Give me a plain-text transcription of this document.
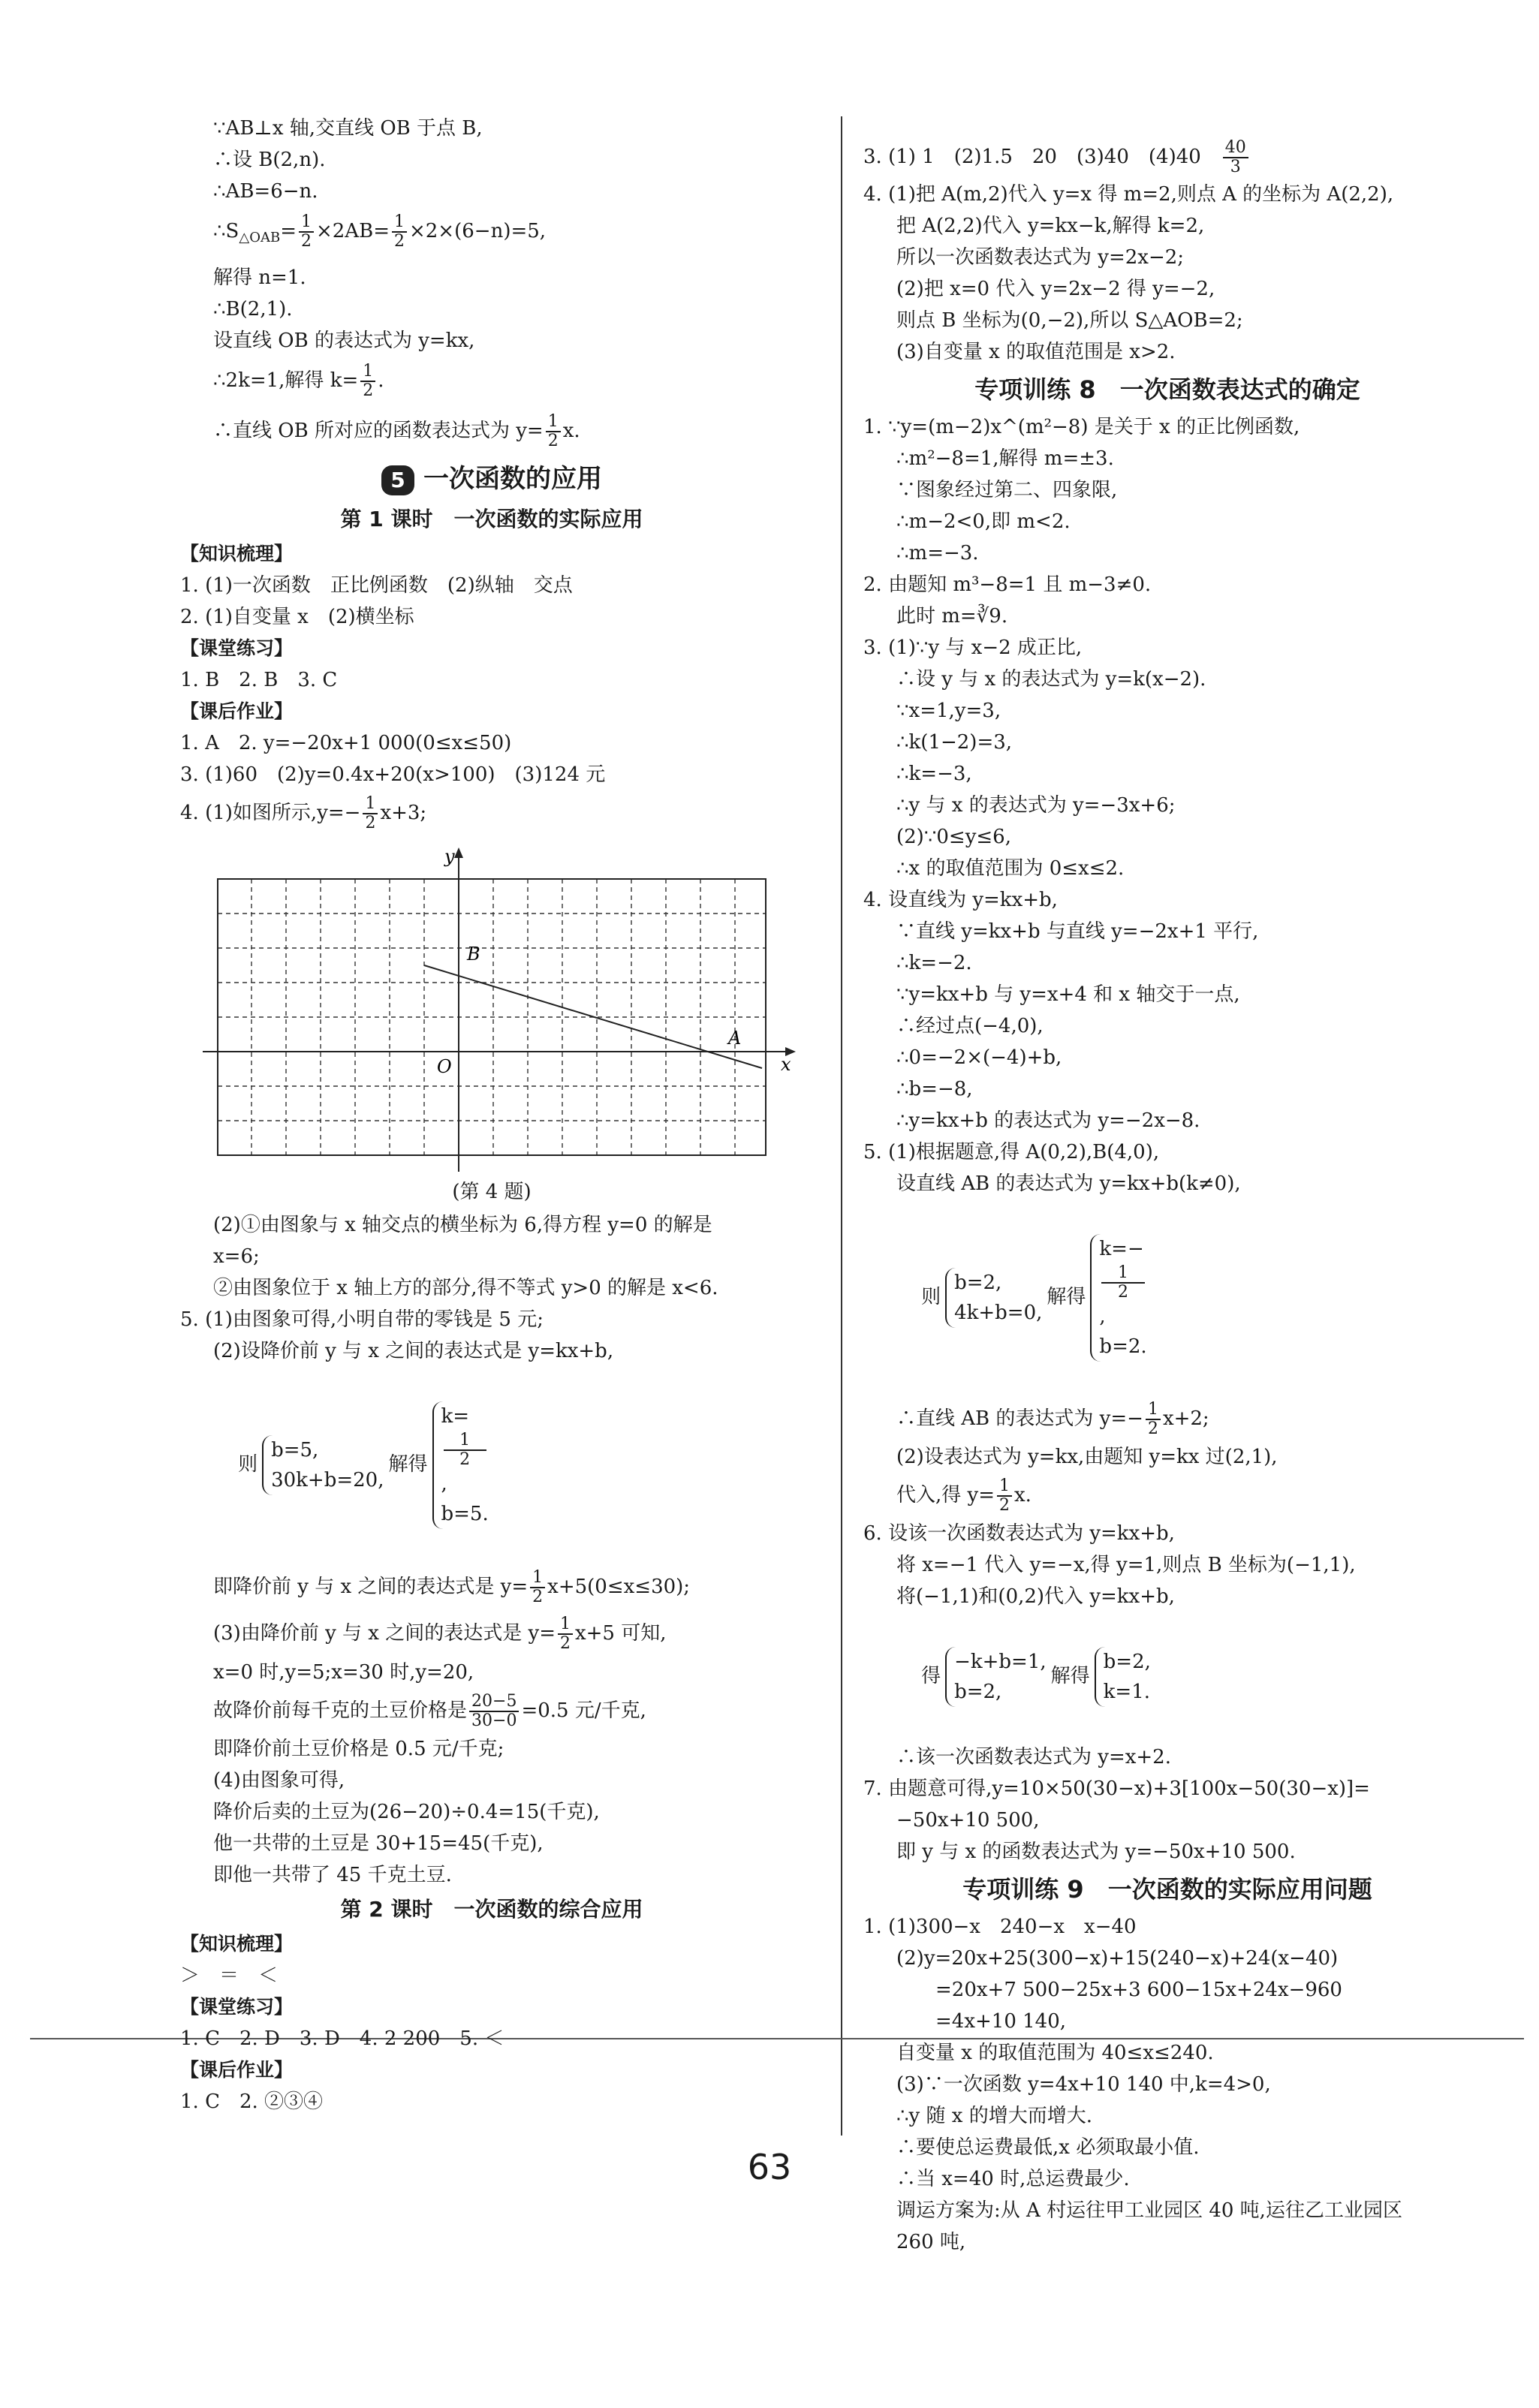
63
∵AB⊥x 轴,交直线 OB 于点 B,
∴设 B(2,n).
∴AB=6−n.
$\therefore S_{\triangle OAB}= \frac{1}{2} \times 2AB= \frac{1}{2} \times 2\times(6-n)=5$,
解得 n=1.
∴B(2,1).
设直线 OB 的表达式为 y=kx,
∴2k=1,解得 $k= \frac{1}{2}$ .
∴直线 OB 所对应的函数表达式为 $y= \frac{1}{2} x$.
5 一次函数的应用
第 1 课时　一次函数的实际应用
【知识梳理】
1. (1)一次函数　正比例函数　(2)纵轴　交点
2. (1)自变量 x　(2)横坐标
【课堂练习】
1. B　2. B　3. C
【课后作业】
1. A　2. y=−20x+1 000(0≤x≤50)
3. (1)60　(2)y=0.4x+20(x>100)　(3)124 元
4. (1)如图所示$,y=- \frac{1}{2} x+3$;
x
y
O
A
B
(第 4 题)
(2)①由图象与 x 轴交点的横坐标为 6,得方程 y=0 的解是
x=6;
②由图象位于 x 轴上方的部分,得不等式 y>0 的解是 x<6.
5. (1)由图象可得,小明自带的零钱是 5 元;
(2)设降价前 y 与 x 之间的表达式是 y=kx+b,

则
b=5,
30k+b=20,
解得
k=
1
2
,
b=5.

即降价前 y 与 x 之间的表达式是 $y= \frac{1}{2} x+5(0\le x\le 30)$;
(3)由降价前 y 与 x 之间的表达式是 $y= \frac{1}{2} x+5$ 可知,
x=0 时,y=5;x=30 时,y=20,
故降价前每千克的土豆价格是 $\frac{20-5}{30-0} =0.5$ 元/千克,
即降价前土豆价格是 0.5 元/千克;
(4)由图象可得,
降价后卖的土豆为(26−20)÷0.4=15(千克),
他一共带的土豆是 30+15=45(千克),
即他一共带了 45 千克土豆.
第 2 课时　一次函数的综合应用
【知识梳理】
＞　＝　＜
【课堂练习】
1. C　2. D　3. D　4. 2 200　5. ＜
【课后作业】
1. C　2. ②③④
3. (1) 1　(2)1.5　20　(3)40　(4)40　 $\frac{40}{3}$
4. (1)把 A(m,2)代入 y=x 得 m=2,则点 A 的坐标为 A(2,2),
把 A(2,2)代入 y=kx−k,解得 k=2,
所以一次函数表达式为 y=2x−2;
(2)把 x=0 代入 y=2x−2 得 y=−2,
则点 B 坐标为(0,−2),所以 S△AOB=2;
(3)自变量 x 的取值范围是 x>2.
专项训练 8　一次函数表达式的确定
1. ∵y=(m−2)x^(m²−8) 是关于 x 的正比例函数,
∴m²−8=1,解得 m=±3.
∵图象经过第二、四象限,
∴m−2<0,即 m<2.
∴m=−3.
2. 由题知 m³−8=1 且 m−3≠0.
此时 m=∛9.
3. (1)∵y 与 x−2 成正比,
∴设 y 与 x 的表达式为 y=k(x−2).
∵x=1,y=3,
∴k(1−2)=3,
∴k=−3,
∴y 与 x 的表达式为 y=−3x+6;
(2)∵0≤y≤6,
∴x 的取值范围为 0≤x≤2.
4. 设直线为 y=kx+b,
∵直线 y=kx+b 与直线 y=−2x+1 平行,
∴k=−2.
∵y=kx+b 与 y=x+4 和 x 轴交于一点,
∴经过点(−4,0),
∴0=−2×(−4)+b,
∴b=−8,
∴y=kx+b 的表达式为 y=−2x−8.
5. (1)根据题意,得 A(0,2),B(4,0),
设直线 AB 的表达式为 y=kx+b(k≠0),

则
b=2,
4k+b=0,
解得
k=−
1
2
,
b=2.

∴直线 AB 的表达式为 $y=- \frac{1}{2} x+2$;
(2)设表达式为 y=kx,由题知 y=kx 过(2,1),
代入,得 $y= \frac{1}{2} x$.
6. 设该一次函数表达式为 y=kx+b,
将 x=−1 代入 y=−x,得 y=1,则点 B 坐标为(−1,1),
将(−1,1)和(0,2)代入 y=kx+b,

得
−k+b=1,
b=2,
解得
b=2,
k=1.

∴该一次函数表达式为 y=x+2.
7. 由题意可得,y=10×50(30−x)+3[100x−50(30−x)]=
−50x+10 500,
即 y 与 x 的函数表达式为 y=−50x+10 500.
专项训练 9　一次函数的实际应用问题
1. (1)300−x　240−x　x−40
(2)y=20x+25(300−x)+15(240−x)+24(x−40)
　　=20x+7 500−25x+3 600−15x+24x−960
　　=4x+10 140,
自变量 x 的取值范围为 40≤x≤240.
(3)∵一次函数 y=4x+10 140 中,k=4>0,
∴y 随 x 的增大而增大.
∴要使总运费最低,x 必须取最小值.
∴当 x=40 时,总运费最少.
调运方案为:从 A 村运往甲工业园区 40 吨,运往乙工业园区
260 吨,
